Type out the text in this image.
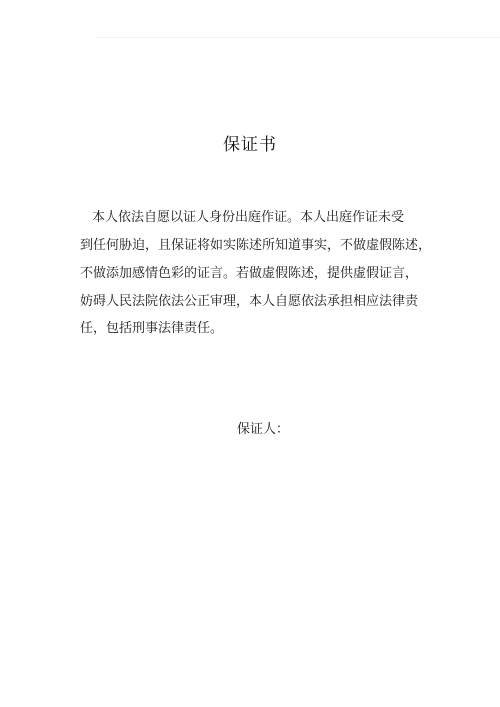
保证书
本人依法自愿以证人身份出庭作证。本人出庭作证未受
到任何胁迫，且保证将如实陈述所知道事实，不做虚假陈述，
不做添加感情色彩的证言。若做虚假陈述，提供虚假证言，
妨碍人民法院依法公正审理，本人自愿依法承担相应法律责
任，包括刑事法律责任。
保证人：
